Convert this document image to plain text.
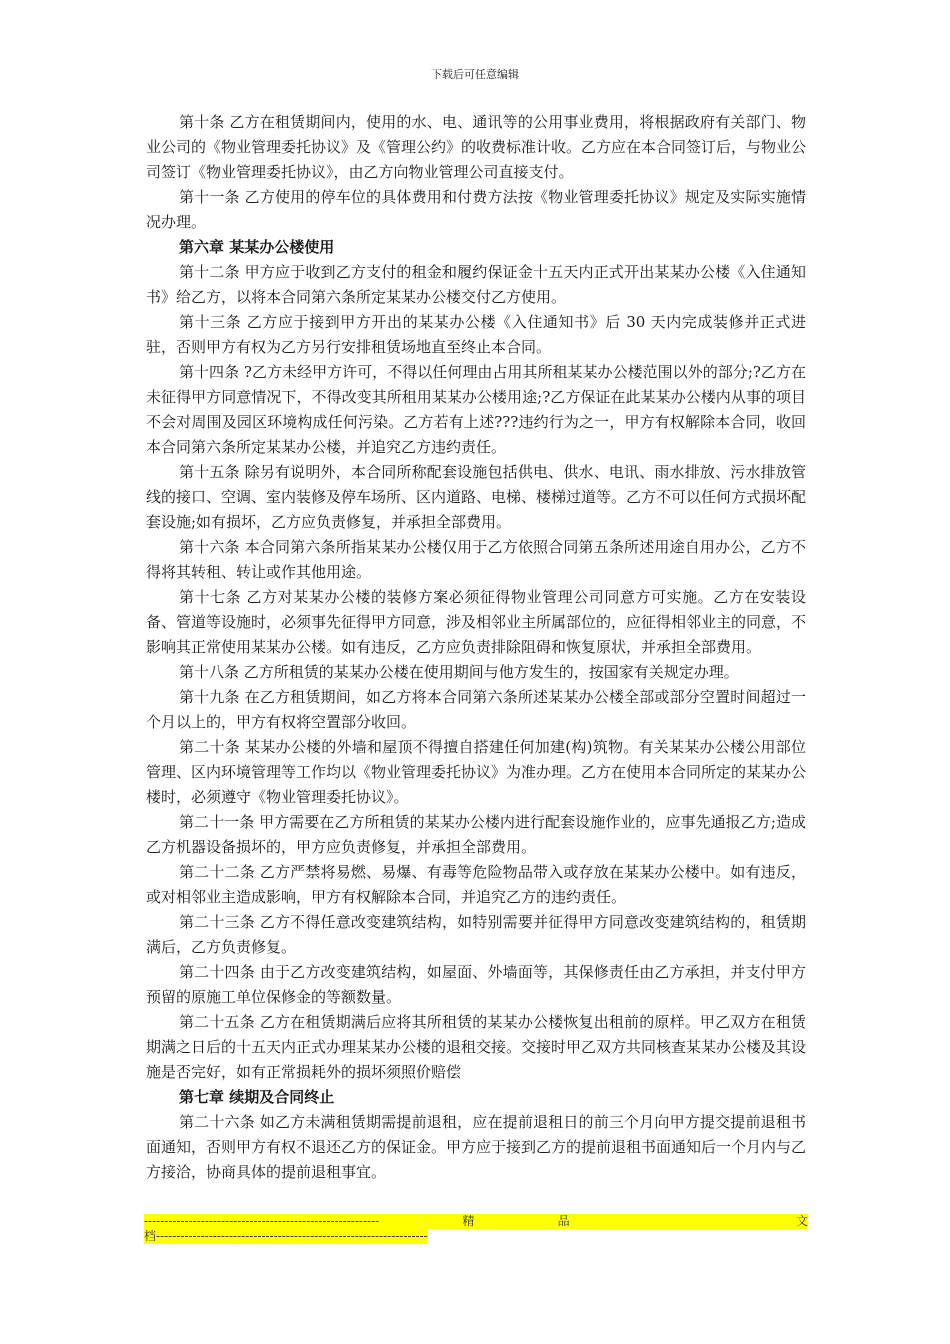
下载后可任意编辑

第十条 乙方在租赁期间内，使用的水、电、通讯等的公用事业费用，将根据政府有关部门、物业公司的《物业管理委托协议》及《管理公约》的收费标准计收。乙方应在本合同签订后，与物业公司签订《物业管理委托协议》，由乙方向物业管理公司直接支付。

第十一条 乙方使用的停车位的具体费用和付费方法按《物业管理委托协议》规定及实际实施情况办理。

第六章 某某办公楼使用

第十二条 甲方应于收到乙方支付的租金和履约保证金十五天内正式开出某某办公楼《入住通知书》给乙方，以将本合同第六条所定某某办公楼交付乙方使用。

第十三条 乙方应于接到甲方开出的某某办公楼《入住通知书》后 30 天内完成装修并正式进驻，否则甲方有权为乙方另行安排租赁场地直至终止本合同。

第十四条 ?乙方未经甲方许可，不得以任何理由占用其所租某某办公楼范围以外的部分;?乙方在未征得甲方同意情况下，不得改变其所租用某某办公楼用途;?乙方保证在此某某办公楼内从事的项目不会对周围及园区环境构成任何污染。乙方若有上述???违约行为之一，甲方有权解除本合同，收回本合同第六条所定某某办公楼，并追究乙方违约责任。

第十五条 除另有说明外，本合同所称配套设施包括供电、供水、电讯、雨水排放、污水排放管线的接口、空调、室内装修及停车场所、区内道路、电梯、楼梯过道等。乙方不可以任何方式损坏配套设施;如有损坏，乙方应负责修复，并承担全部费用。

第十六条 本合同第六条所指某某办公楼仅用于乙方依照合同第五条所述用途自用办公，乙方不得将其转租、转让或作其他用途。

第十七条 乙方对某某办公楼的装修方案必须征得物业管理公司同意方可实施。乙方在安装设备、管道等设施时，必须事先征得甲方同意，涉及相邻业主所属部位的，应征得相邻业主的同意，不影响其正常使用某某办公楼。如有违反，乙方应负责排除阻碍和恢复原状，并承担全部费用。

第十八条 乙方所租赁的某某办公楼在使用期间与他方发生的，按国家有关规定办理。

第十九条 在乙方租赁期间，如乙方将本合同第六条所述某某办公楼全部或部分空置时间超过一个月以上的，甲方有权将空置部分收回。

第二十条 某某办公楼的外墙和屋顶不得擅自搭建任何加建(构)筑物。有关某某办公楼公用部位管理、区内环境管理等工作均以《物业管理委托协议》为准办理。乙方在使用本合同所定的某某办公楼时，必须遵守《物业管理委托协议》。

第二十一条 甲方需要在乙方所租赁的某某办公楼内进行配套设施作业的，应事先通报乙方;造成乙方机器设备损坏的，甲方应负责修复，并承担全部费用。

第二十二条 乙方严禁将易燃、易爆、有毒等危险物品带入或存放在某某办公楼中。如有违反，或对相邻业主造成影响，甲方有权解除本合同，并追究乙方的违约责任。

第二十三条 乙方不得任意改变建筑结构，如特别需要并征得甲方同意改变建筑结构的，租赁期满后，乙方负责修复。

第二十四条 由于乙方改变建筑结构，如屋面、外墙面等，其保修责任由乙方承担，并支付甲方预留的原施工单位保修金的等额数量。

第二十五条 乙方在租赁期满后应将其所租赁的某某办公楼恢复出租前的原样。甲乙双方在租赁期满之日后的十五天内正式办理某某办公楼的退租交接。交接时甲乙双方共同核查某某办公楼及其设施是否完好，如有正常损耗外的损坏须照价赔偿

第七章 续期及合同终止

第二十六条 如乙方未满租赁期需提前退租，应在提前退租日的前三个月向甲方提交提前退租书面通知，否则甲方有权不退还乙方的保证金。甲方应于接到乙方的提前退租书面通知后一个月内与乙方接洽，协商具体的提前退租事宜。

----------------------------------------------------------	精	品	文
档-------------------------------------------------------------------
